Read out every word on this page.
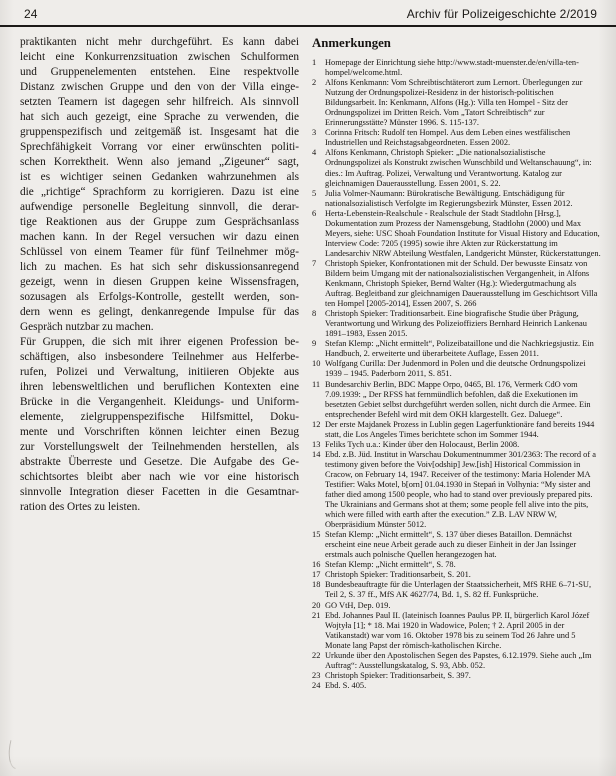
24	Archiv für Polizeigeschichte 2/2019
praktikanten nicht mehr durchgeführt. Es kann dabei
leicht eine Konkurrenzsituation zwischen Schulformen
und Gruppenelementen entstehen. Eine respektvolle
Distanz zwischen Gruppe und den von der Villa einge-
setzten Teamern ist dagegen sehr hilfreich. Als sinnvoll
hat sich auch gezeigt, eine Sprache zu verwenden, die
gruppenspezifisch und zeitgemäß ist. Insgesamt hat die
Sprechfähigkeit Vorrang vor einer erwünschten politi-
schen Korrektheit. Wenn also jemand „Zigeuner“ sagt,
ist es wichtiger seinen Gedanken wahrzunehmen als
die „richtige“ Sprachform zu korrigieren. Dazu ist eine
aufwendige personelle Begleitung sinnvoll, die derar-
tige Reaktionen aus der Gruppe zum Gesprächsanlass
machen kann. In der Regel versuchen wir dazu einen
Schlüssel von einem Teamer für fünf Teilnehmer mög-
lich zu machen. Es hat sich sehr diskussionsanregend
gezeigt, wenn in diesen Gruppen keine Wissensfragen,
sozusagen als Erfolgs-Kontrolle, gestellt werden, son-
dern wenn es gelingt, denkanregende Impulse für das
Gespräch nutzbar zu machen.
Für Gruppen, die sich mit ihrer eigenen Profession be-
schäftigen, also insbesondere Teilnehmer aus Helferbe-
rufen, Polizei und Verwaltung, initiieren Objekte aus
ihren lebensweltlichen und beruflichen Kontexten eine
Brücke in die Vergangenheit. Kleidungs- und Uniform-
elemente, zielgruppenspezifische Hilfsmittel, Doku-
mente und Vorschriften können leichter einen Bezug
zur Vorstellungswelt der Teilnehmenden herstellen, als
abstrakte Überreste und Gesetze. Die Aufgabe des Ge-
schichtsortes bleibt aber nach wie vor eine historisch
sinnvolle Integration dieser Facetten in die Gesamtnar-
ration des Ortes zu leisten.
Anmerkungen
1 Homepage der Einrichtung siehe http://www.stadt-muenster.de/en/villa-ten-hompel/welcome.html.
2 Alfons Kenkmann: Vom Schreibtischtäterort zum Lernort. Überlegungen zur Nutzung der Ordnungspolizei-Residenz in der historisch-politischen Bildungsarbeit. In: Kenkmann, Alfons (Hg.): Villa ten Hompel - Sitz der Ordnungspolizei im Dritten Reich. Vom „Tatort Schreibtisch“ zur Erinnerungsstätte? Münster 1996. S. 115-137.
3 Corinna Fritsch: Rudolf ten Hompel. Aus dem Leben eines westfälischen Industriellen und Reichstagsabgeordneten. Essen 2002.
4 Alfons Kenkmann, Christoph Spieker: „Die nationalsozialistische Ordnungspolizei als Konstrukt zwischen Wunschbild und Weltanschauung“, in: dies.: Im Auftrag. Polizei, Verwaltung und Verantwortung. Katalog zur gleichnamigen Dauerausstellung. Essen 2001, S. 22.
5 Julia Volmer-Naumann: Bürokratische Bewältigung. Entschädigung für nationalsozialistisch Verfolgte im Regierungsbezirk Münster, Essen 2012.
6 Herta-Lebenstein-Realschule - Realschule der Stadt Stadtlohn [Hrsg.], Dokumentation zum Prozess der Namensgebung, Stadtlohn (2000) und Max Meyers, siehe: USC Shoah Foundation Institute for Visual History and Education, Interview Code: 7205 (1995) sowie ihre Akten zur Rückerstattung im Landesarchiv NRW Abteilung Westfalen, Landgericht Münster, Rückerstattungen.
7 Christoph Spieker, Konfrontationen mit der Schuld. Der bewusste Einsatz von Bildern beim Umgang mit der nationalsozialistischen Vergangenheit, in Alfons Kenkmann, Christoph Spieker, Bernd Walter (Hg.): Wiedergutmachung als Auftrag. Begleitband zur gleichnamigen Dauerausstellung im Geschichtsort Villa ten Hompel [2005-2014], Essen 2007, S. 266
8 Christoph Spieker: Traditionsarbeit. Eine biografische Studie über Prägung, Verantwortung und Wirkung des Polizeioffiziers Bernhard Heinrich Lankenau 1891–1983, Essen 2015.
9 Stefan Klemp: „Nicht ermittelt“, Polizeibataillone und die Nachkriegsjustiz. Ein Handbuch, 2. erweiterte und überarbeitete Auflage, Essen 2011.
10 Wolfgang Curilla: Der Judenmord in Polen und die deutsche Ordnungspolizei 1939 – 1945. Paderborn 2011, S. 851.
11 Bundesarchiv Berlin, BDC Mappe Orpo, 0465, Bl. 176, Vermerk CdO vom 7.09.1939: „ Der RFSS hat fernmündlich befohlen, daß die Exekutionen im besetzten Gebiet selbst durchgeführt werden sollen, nicht durch die Armee. Ein entsprechender Befehl wird mit dem OKH klargestellt. Gez. Daluege“.
12 Der erste Majdanek Prozess in Lublin gegen Lagerfunktionäre fand bereits 1944 statt, die Los Angeles Times berichtete schon im Sommer 1944.
13 Feliks Tych u.a.: Kinder über den Holocaust, Berlin 2008.
14 Ebd. z.B. Jüd. Institut in Warschau Dokumentnummer 301/2363: The record of a testimony given before the Voiv[odship] Jew.[ish] Historical Commission in Cracow, on February 14, 1947. Receiver of the testimony: Maria Holender MA Testifier: Waks Motel, b[orn] 01.04.1930 in Stepań in Volhynia: “My sister and father died among 1500 people, who had to stand over previously prepared pits. The Ukrainians and Germans shot at them; some people fell alive into the pits, which were filled with earth after the execution.” Z.B. LAV NRW W, Oberpräsidium Münster 5012.
15 Stefan Klemp: „Nicht ermittelt“, S. 137 über dieses Bataillon. Demnächst erscheint eine neue Arbeit gerade auch zu dieser Einheit in der Jan Issinger erstmals auch polnische Quellen herangezogen hat.
16 Stefan Klemp: „Nicht ermittelt“, S. 78.
17 Christoph Spieker: Traditionsarbeit, S. 201.
18 Bundesbeauftragte für die Unterlagen der Staatssicherheit, MfS RHE 6–71-SU, Teil 2, S. 37 ff., MfS AK 4627/74, Bd. 1, S. 82 ff. Funksprüche.
20 GO VtH, Dep. 019.
21 Ebd. Johannes Paul II. (lateinisch Ioannes Paulus PP. II, bürgerlich Karol Józef Wojtyła [1]; * 18. Mai 1920 in Wadowice, Polen; † 2. April 2005 in der Vatikanstadt) war vom 16. Oktober 1978 bis zu seinem Tod 26 Jahre und 5 Monate lang Papst der römisch-katholischen Kirche.
22 Urkunde über den Apostolischen Segen des Papstes, 6.12.1979. Siehe auch „Im Auftrag“: Ausstellungskatalog, S. 93, Abb. 052.
23 Christoph Spieker: Traditionsarbeit, S. 397.
24 Ebd. S. 405.
